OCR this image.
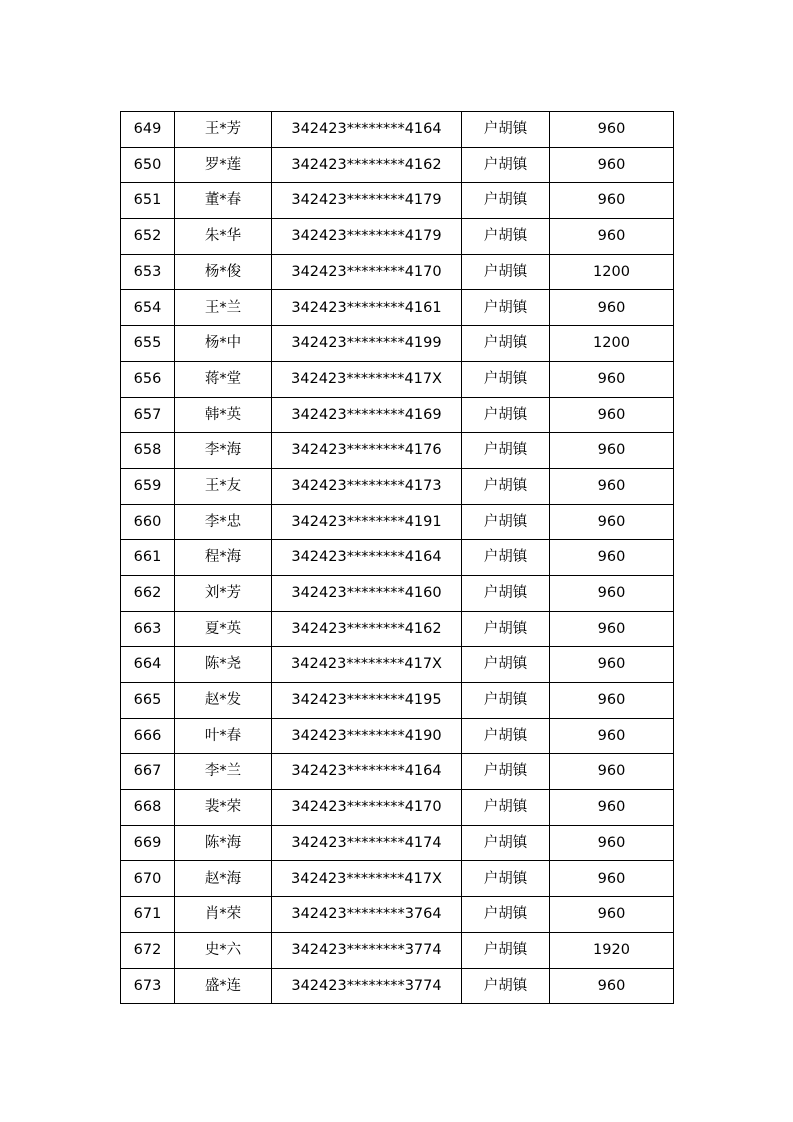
649	王*芳	342423********4164	户胡镇	960
650	罗*莲	342423********4162	户胡镇	960
651	董*春	342423********4179	户胡镇	960
652	朱*华	342423********4179	户胡镇	960
653	杨*俊	342423********4170	户胡镇	1200
654	王*兰	342423********4161	户胡镇	960
655	杨*中	342423********4199	户胡镇	1200
656	蒋*堂	342423********417X	户胡镇	960
657	韩*英	342423********4169	户胡镇	960
658	李*海	342423********4176	户胡镇	960
659	王*友	342423********4173	户胡镇	960
660	李*忠	342423********4191	户胡镇	960
661	程*海	342423********4164	户胡镇	960
662	刘*芳	342423********4160	户胡镇	960
663	夏*英	342423********4162	户胡镇	960
664	陈*尧	342423********417X	户胡镇	960
665	赵*发	342423********4195	户胡镇	960
666	叶*春	342423********4190	户胡镇	960
667	李*兰	342423********4164	户胡镇	960
668	裴*荣	342423********4170	户胡镇	960
669	陈*海	342423********4174	户胡镇	960
670	赵*海	342423********417X	户胡镇	960
671	肖*荣	342423********3764	户胡镇	960
672	史*六	342423********3774	户胡镇	1920
673	盛*连	342423********3774	户胡镇	960
